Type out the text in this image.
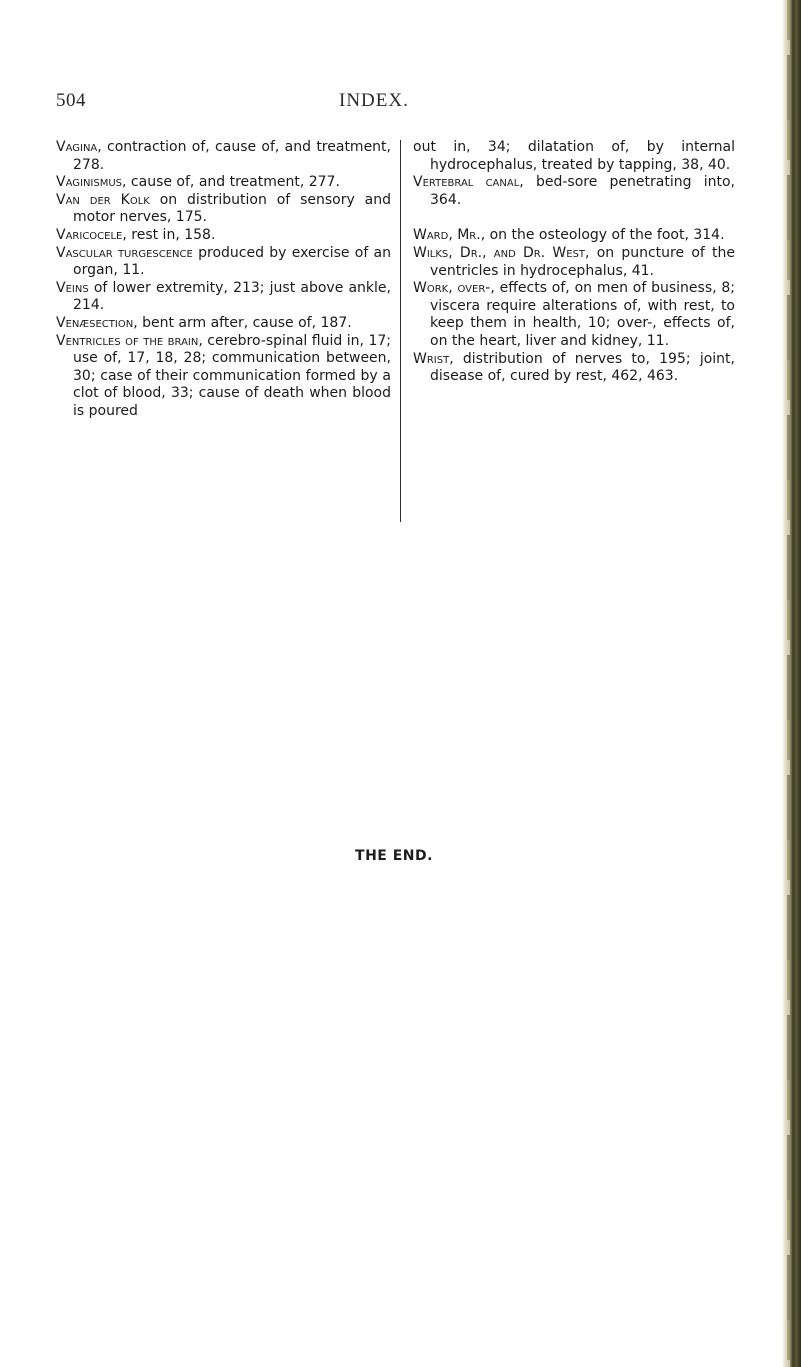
504	INDEX.

Vagina, contraction of, cause of, and treatment, 278.

Vaginismus, cause of, and treatment, 277.

Van der Kolk on distribution of sensory and motor nerves, 175.

Varicocele, rest in, 158.

Vascular turgescence produced by exercise of an organ, 11.

Veins of lower extremity, 213; just above ankle, 214.

Venæsection, bent arm after, cause of, 187.

Ventricles of the brain, cerebro-spinal fluid in, 17; use of, 17, 18, 28; communication between, 30; case of their communication formed by a clot of blood, 33; cause of death when blood is poured

out in, 34; dilatation of, by internal hydrocephalus, treated by tapping, 38, 40.

Vertebral canal, bed-sore penetrating into, 364.

Ward, Mr., on the osteology of the foot, 314.

Wilks, Dr., and Dr. West, on puncture of the ventricles in hydrocephalus, 41.

Work, over-, effects of, on men of business, 8; viscera require alterations of, with rest, to keep them in health, 10; over-, effects of, on the heart, liver and kidney, 11.

Wrist, distribution of nerves to, 195; joint, disease of, cured by rest, 462, 463.

THE END.
